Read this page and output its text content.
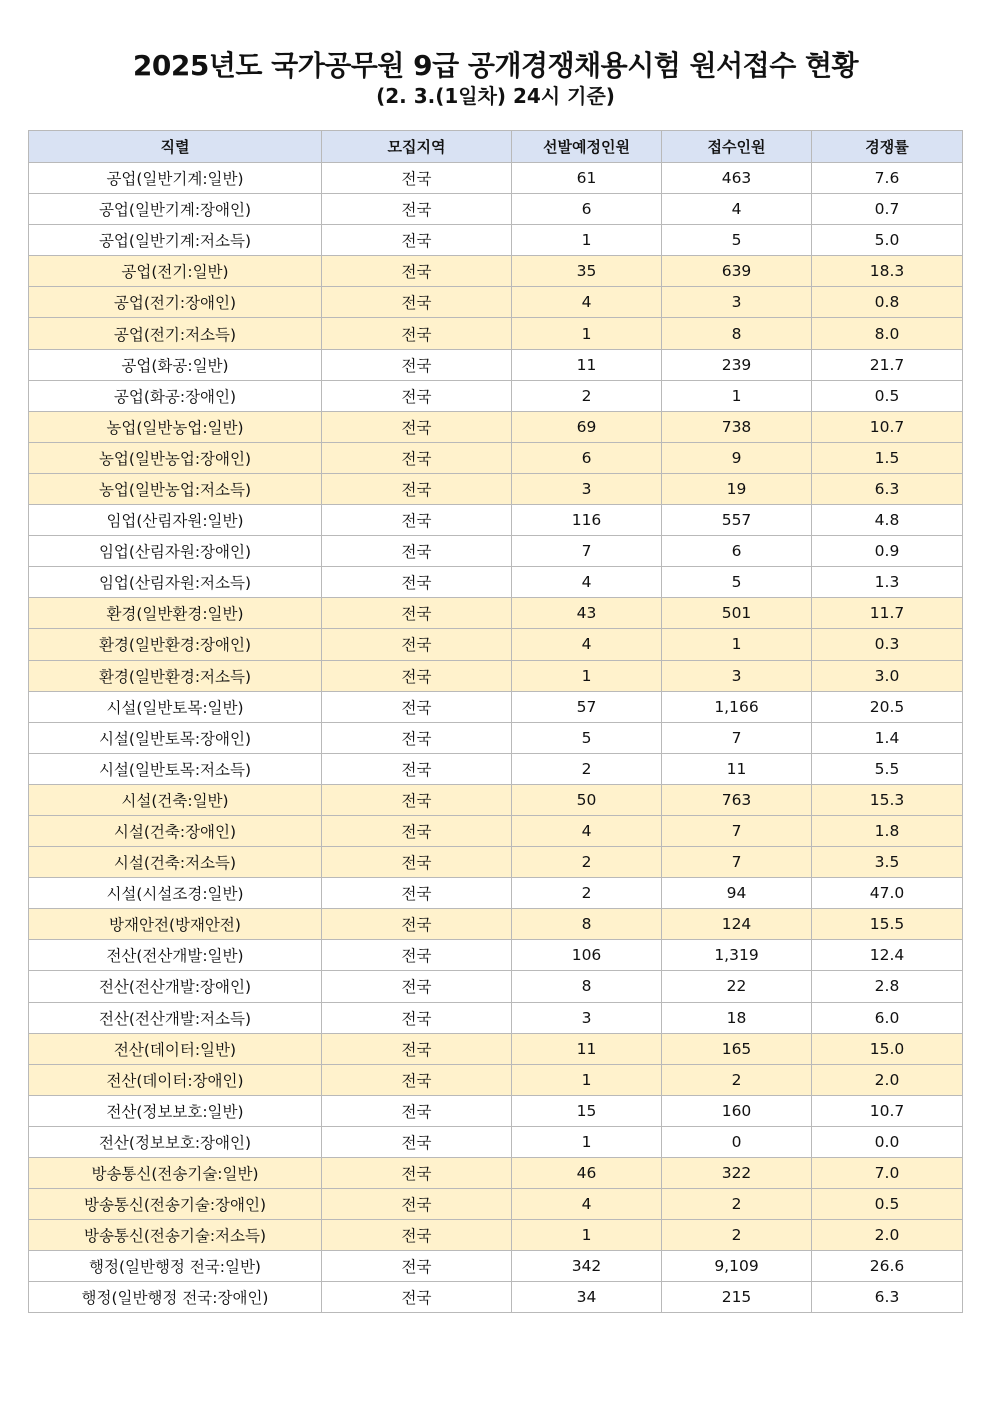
2025년도 국가공무원 9급 공개경쟁채용시험 원서접수 현황
(2. 3.(1일차) 24시 기준)
직렬	모집지역	선발예정인원	접수인원	경쟁률
공업(일반기계:일반)	전국	61	463	7.6
공업(일반기계:장애인)	전국	6	4	0.7
공업(일반기계:저소득)	전국	1	5	5.0
공업(전기:일반)	전국	35	639	18.3
공업(전기:장애인)	전국	4	3	0.8
공업(전기:저소득)	전국	1	8	8.0
공업(화공:일반)	전국	11	239	21.7
공업(화공:장애인)	전국	2	1	0.5
농업(일반농업:일반)	전국	69	738	10.7
농업(일반농업:장애인)	전국	6	9	1.5
농업(일반농업:저소득)	전국	3	19	6.3
임업(산림자원:일반)	전국	116	557	4.8
임업(산림자원:장애인)	전국	7	6	0.9
임업(산림자원:저소득)	전국	4	5	1.3
환경(일반환경:일반)	전국	43	501	11.7
환경(일반환경:장애인)	전국	4	1	0.3
환경(일반환경:저소득)	전국	1	3	3.0
시설(일반토목:일반)	전국	57	1,166	20.5
시설(일반토목:장애인)	전국	5	7	1.4
시설(일반토목:저소득)	전국	2	11	5.5
시설(건축:일반)	전국	50	763	15.3
시설(건축:장애인)	전국	4	7	1.8
시설(건축:저소득)	전국	2	7	3.5
시설(시설조경:일반)	전국	2	94	47.0
방재안전(방재안전)	전국	8	124	15.5
전산(전산개발:일반)	전국	106	1,319	12.4
전산(전산개발:장애인)	전국	8	22	2.8
전산(전산개발:저소득)	전국	3	18	6.0
전산(데이터:일반)	전국	11	165	15.0
전산(데이터:장애인)	전국	1	2	2.0
전산(정보보호:일반)	전국	15	160	10.7
전산(정보보호:장애인)	전국	1	0	0.0
방송통신(전송기술:일반)	전국	46	322	7.0
방송통신(전송기술:장애인)	전국	4	2	0.5
방송통신(전송기술:저소득)	전국	1	2	2.0
행정(일반행정 전국:일반)	전국	342	9,109	26.6
행정(일반행정 전국:장애인)	전국	34	215	6.3
